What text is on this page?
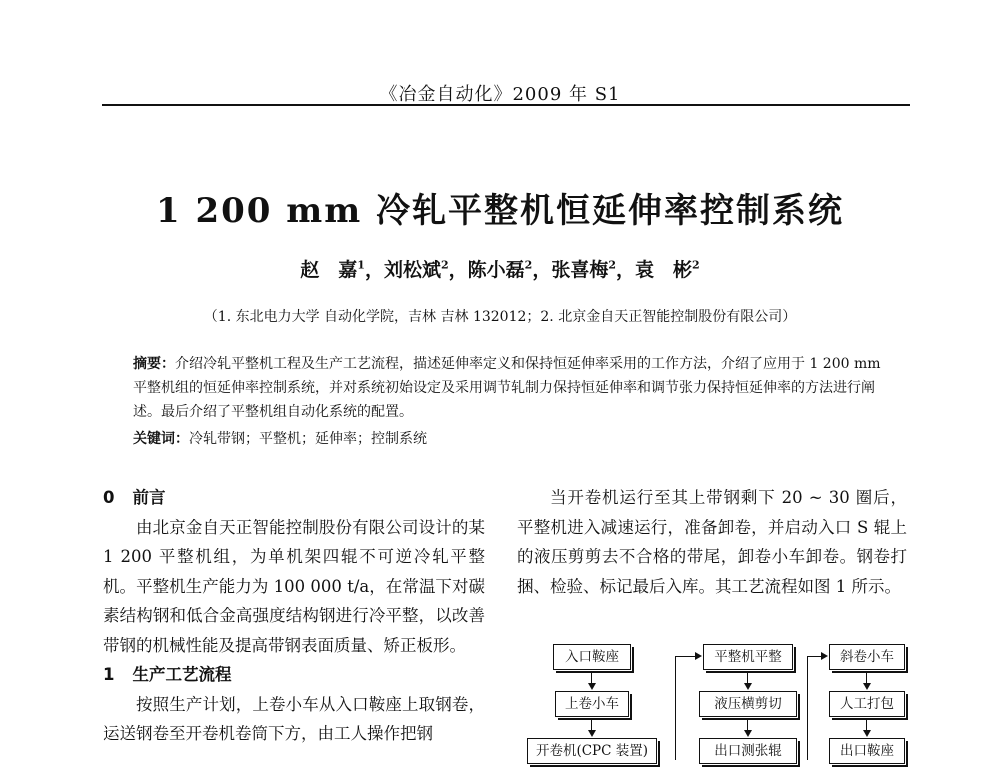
《冶金自动化》2009 年 S1
1 200 mm 冷轧平整机恒延伸率控制系统
赵　嘉$^1$，刘松斌$^2$，陈小磊$^2$，张喜梅$^2$，袁　彬$^2$
（1. 东北电力大学 自动化学院，吉林 吉林 132012；2. 北京金自天正智能控制股份有限公司）
摘要：介绍冷轧平整机工程及生产工艺流程，描述延伸率定义和保持恒延伸率采用的工作方法，介绍了应用于 1 200 mm平整机组的恒延伸率控制系统，并对系统初始设定及采用调节轧制力保持恒延伸率和调节张力保持恒延伸率的方法进行阐述。最后介绍了平整机组自动化系统的配置。
关键词：冷轧带钢；平整机；延伸率；控制系统
0 前言

由北京金自天正智能控制股份有限公司设计的某 1 200 平整机组，为单机架四辊不可逆冷轧平整机。平整机生产能力为 100 000 t/a，在常温下对碳素结构钢和低合金高强度结构钢进行冷平整，以改善带钢的机械性能及提高带钢表面质量、矫正板形。

1 生产工艺流程

按照生产计划，上卷小车从入口鞍座上取钢卷，运送钢卷至开卷机卷筒下方，由工人操作把钢

当开卷机运行至其上带钢剩下 20 ~ 30 圈后，平整机进入减速运行，准备卸卷，并启动入口 S 辊上的液压剪剪去不合格的带尾，卸卷小车卸卷。钢卷打捆、检验、标记最后入库。其工艺流程如图 1 所示。

入口鞍座
上卷小车
开卷机(CPC 装置)
平整机平整
液压横剪切
出口测张辊
斜卷小车
人工打包
出口鞍座
